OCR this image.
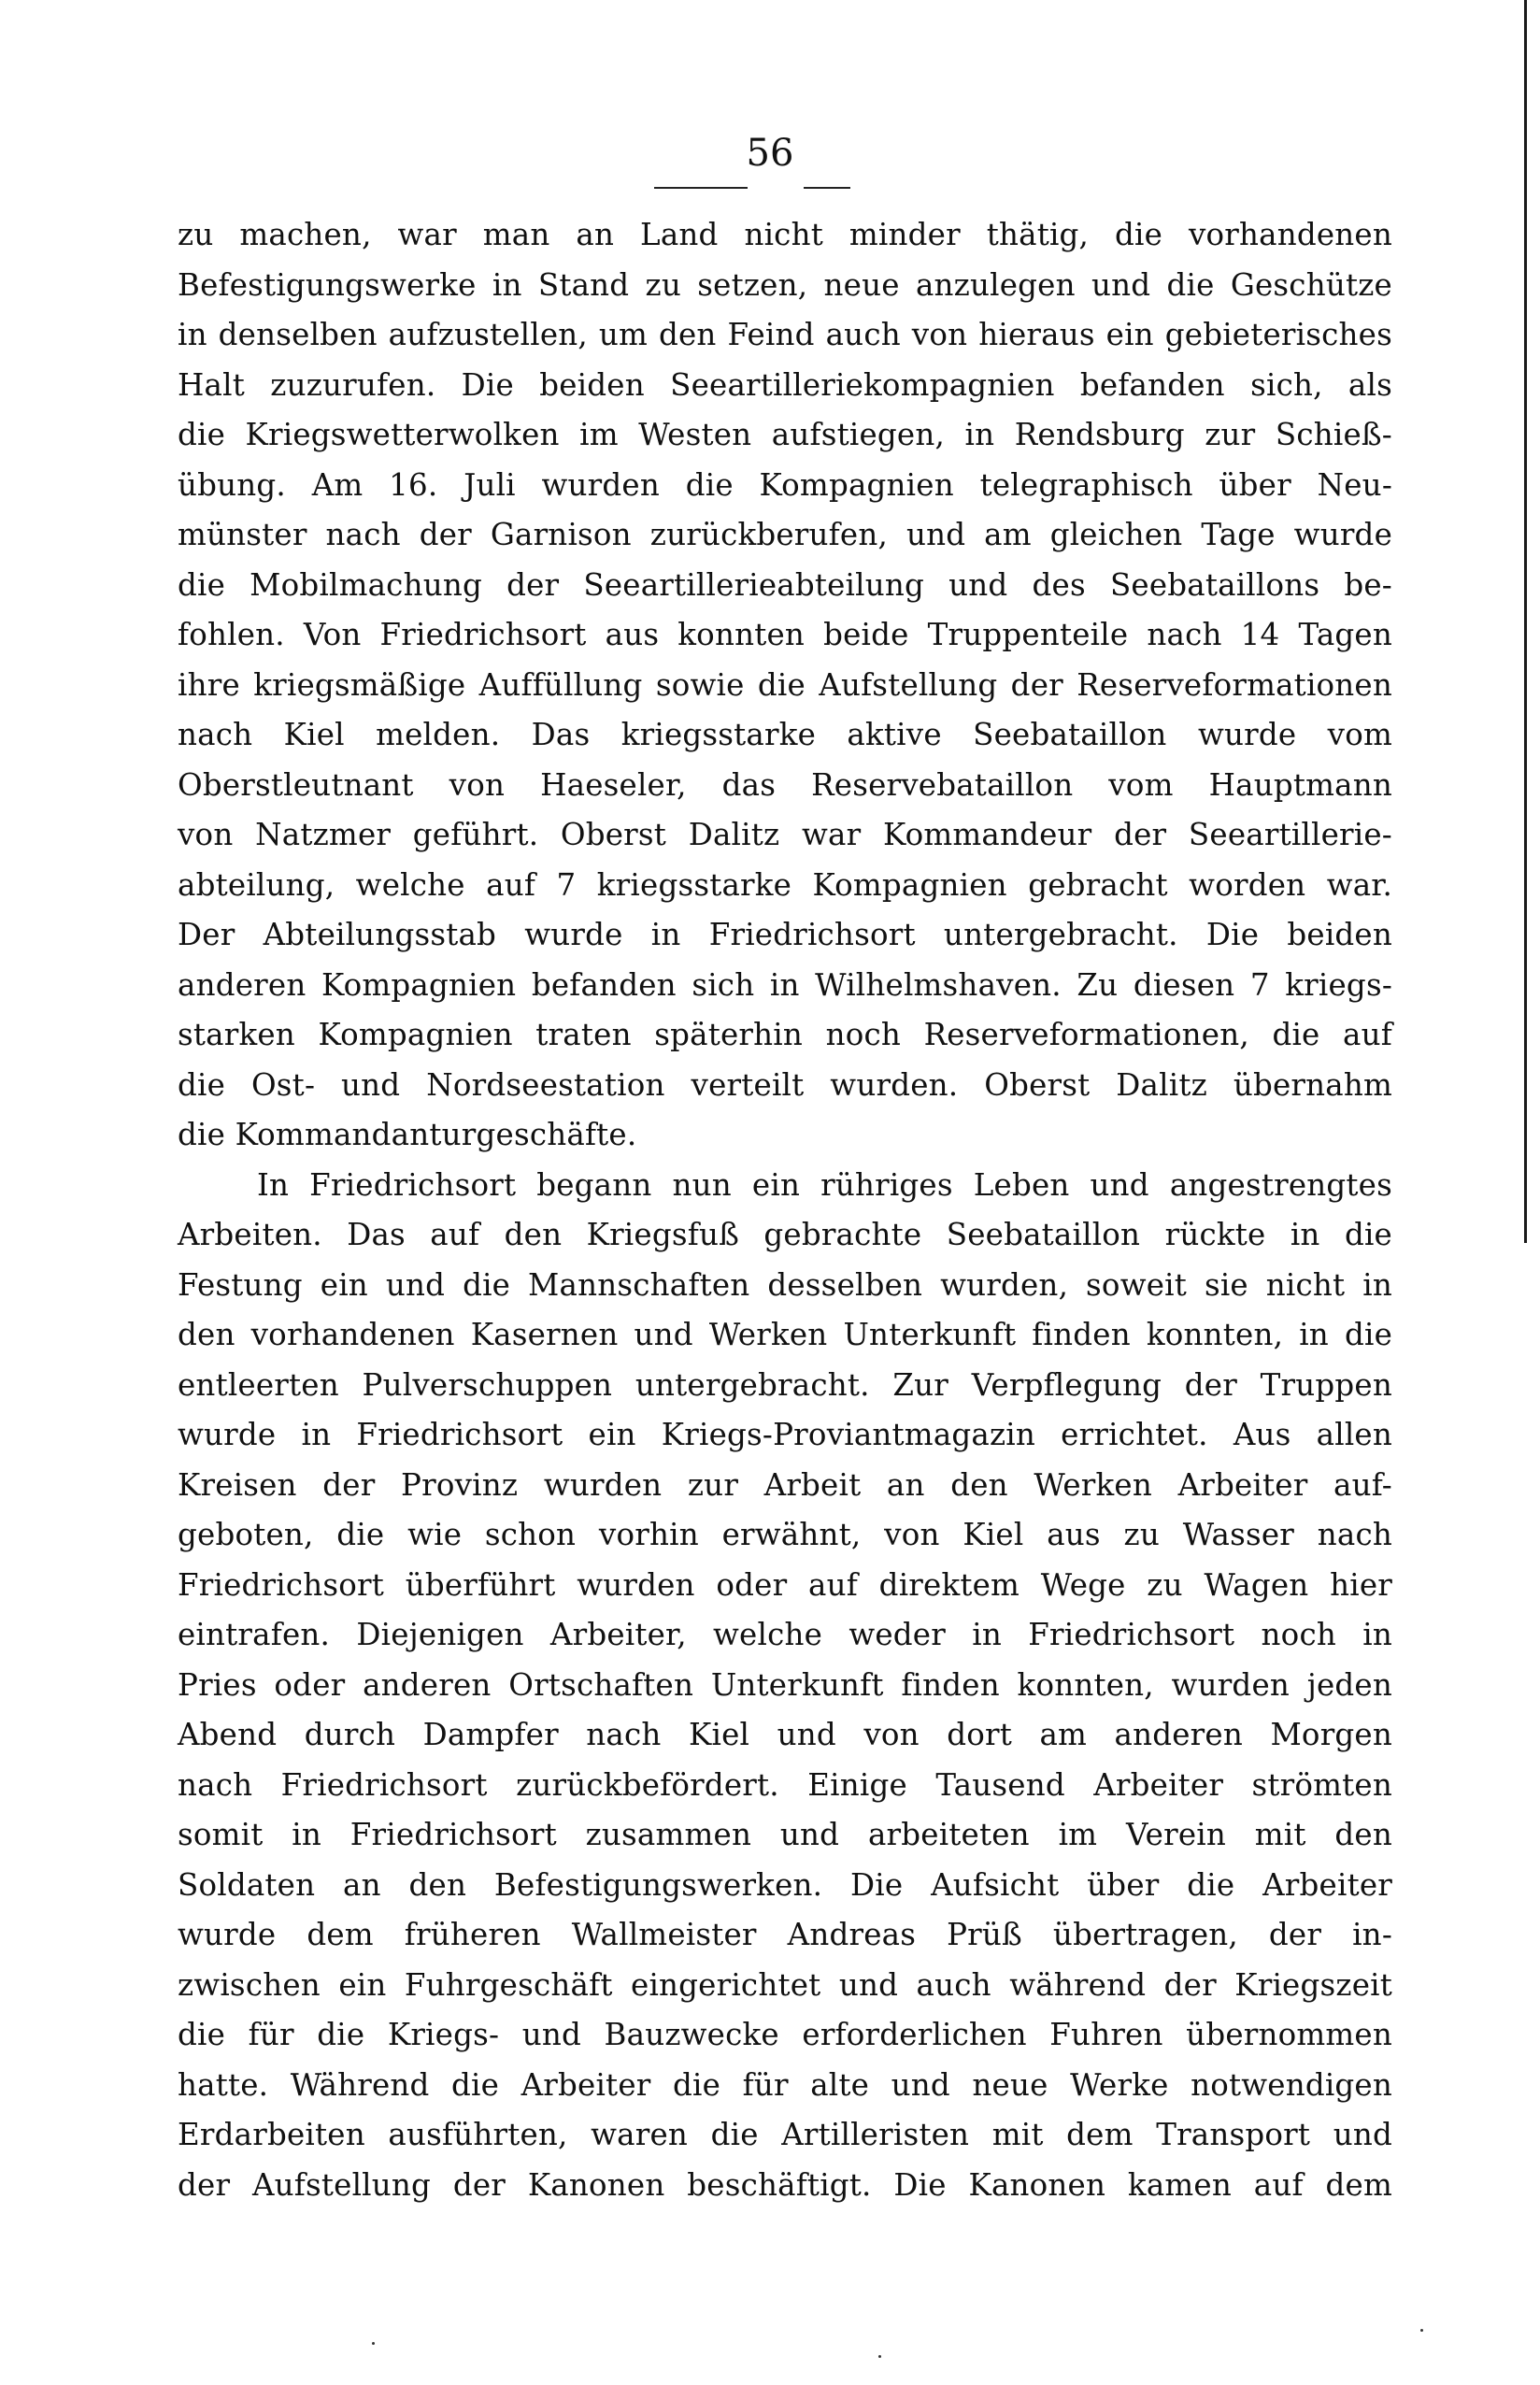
56
zu machen, war man an Land nicht minder thätig, die vorhandenen
Befestigungswerke in Stand zu setzen, neue anzulegen und die Geschütze
in denselben aufzustellen, um den Feind auch von hieraus ein gebieterisches
Halt zuzurufen. Die beiden Seeartilleriekompagnien befanden sich, als
die Kriegswetterwolken im Westen aufstiegen, in Rendsburg zur Schieß-
übung. Am 16. Juli wurden die Kompagnien telegraphisch über Neu-
münster nach der Garnison zurückberufen, und am gleichen Tage wurde
die Mobilmachung der Seeartillerieabteilung und des Seebataillons be-
fohlen. Von Friedrichsort aus konnten beide Truppenteile nach 14 Tagen
ihre kriegsmäßige Auffüllung sowie die Aufstellung der Reserveformationen
nach Kiel melden. Das kriegsstarke aktive Seebataillon wurde vom
Oberstleutnant von Haeseler, das Reservebataillon vom Hauptmann
von Natzmer geführt. Oberst Dalitz war Kommandeur der Seeartillerie-
abteilung, welche auf 7 kriegsstarke Kompagnien gebracht worden war.
Der Abteilungsstab wurde in Friedrichsort untergebracht. Die beiden
anderen Kompagnien befanden sich in Wilhelmshaven. Zu diesen 7 kriegs-
starken Kompagnien traten späterhin noch Reserveformationen, die auf
die Ost- und Nordseestation verteilt wurden. Oberst Dalitz übernahm
die Kommandanturgeschäfte.
In Friedrichsort begann nun ein rühriges Leben und angestrengtes
Arbeiten. Das auf den Kriegsfuß gebrachte Seebataillon rückte in die
Festung ein und die Mannschaften desselben wurden, soweit sie nicht in
den vorhandenen Kasernen und Werken Unterkunft finden konnten, in die
entleerten Pulverschuppen untergebracht. Zur Verpflegung der Truppen
wurde in Friedrichsort ein Kriegs-Proviantmagazin errichtet. Aus allen
Kreisen der Provinz wurden zur Arbeit an den Werken Arbeiter auf-
geboten, die wie schon vorhin erwähnt, von Kiel aus zu Wasser nach
Friedrichsort überführt wurden oder auf direktem Wege zu Wagen hier
eintrafen. Diejenigen Arbeiter, welche weder in Friedrichsort noch in
Pries oder anderen Ortschaften Unterkunft finden konnten, wurden jeden
Abend durch Dampfer nach Kiel und von dort am anderen Morgen
nach Friedrichsort zurückbefördert. Einige Tausend Arbeiter strömten
somit in Friedrichsort zusammen und arbeiteten im Verein mit den
Soldaten an den Befestigungswerken. Die Aufsicht über die Arbeiter
wurde dem früheren Wallmeister Andreas Prüß übertragen, der in-
zwischen ein Fuhrgeschäft eingerichtet und auch während der Kriegszeit
die für die Kriegs- und Bauzwecke erforderlichen Fuhren übernommen
hatte. Während die Arbeiter die für alte und neue Werke notwendigen
Erdarbeiten ausführten, waren die Artilleristen mit dem Transport und
der Aufstellung der Kanonen beschäftigt. Die Kanonen kamen auf dem
